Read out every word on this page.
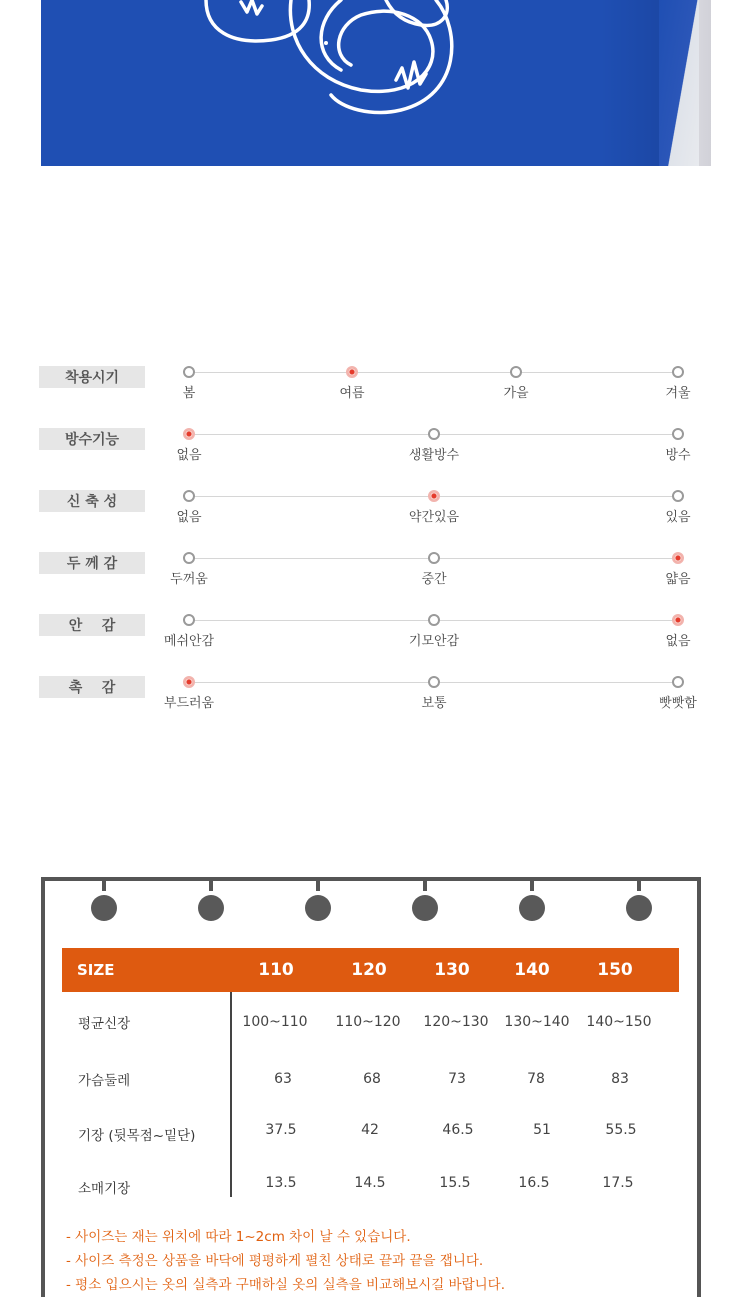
착용시기
봄	여름	가을	겨울
방수기능
없음	생활방수	방수
신 축 성
없음	약간있음	있음
두 께 감
두꺼움	중간	얇음
안    감
메쉬안감	기모안감	없음
촉    감
부드러움	보통	빳빳함
SIZE	110	120	130	140	150
평균신장	100~110 110~120 120~130 130~140 140~150
가슴둘레	63	68	73	78	83
기장 (뒷목점~밑단)	37.5	42	46.5	51	55.5
소매기장	13.5	14.5	15.5	16.5	17.5
- 사이즈는 재는 위치에 따라 1~2cm 차이 날 수 있습니다.
- 사이즈 측정은 상품을 바닥에 평평하게 펼친 상태로 끝과 끝을 잽니다.
- 평소 입으시는 옷의 실측과 구매하실 옷의 실측을 비교해보시길 바랍니다.
